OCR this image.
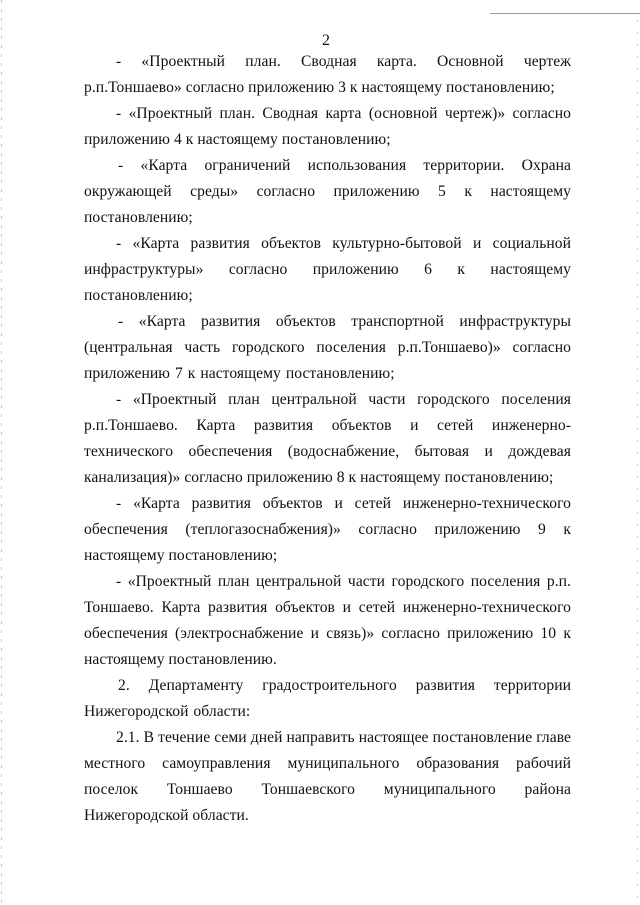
2

- «Проектный план. Сводная карта. Основной чертеж р.п.Тоншаево» согласно приложению 3 к настоящему постановлению;

- «Проектный план. Сводная карта (основной чертеж)» согласно приложению 4 к настоящему постановлению;

- «Карта ограничений использования территории. Охрана окружающей среды» согласно приложению 5 к настоящему постановлению;

- «Карта развития объектов культурно-бытовой и социальной инфраструктуры» согласно приложению 6 к настоящему постановлению;

- «Карта развития объектов транспортной инфраструктуры (центральная часть городского поселения р.п.Тоншаево)» согласно приложению 7 к настоящему постановлению;

- «Проектный план центральной части городского поселения р.п.Тоншаево. Карта развития объектов и сетей инженерно-технического обеспечения (водоснабжение, бытовая и дождевая канализация)» согласно приложению 8 к настоящему постановлению;

- «Карта развития объектов и сетей инженерно-технического обеспечения (теплогазоснабжения)» согласно приложению 9 к настоящему постановлению;

- «Проектный план центральной части городского поселения р.п. Тоншаево. Карта развития объектов и сетей инженерно-технического обеспечения (электроснабжение и связь)» согласно приложению 10 к настоящему постановлению.

2. Департаменту градостроительного развития территории Нижегородской области:

2.1. В течение семи дней направить настоящее постановление главе местного самоуправления муниципального образования рабочий поселок Тоншаево Тоншаевского муниципального района Нижегородской области.
